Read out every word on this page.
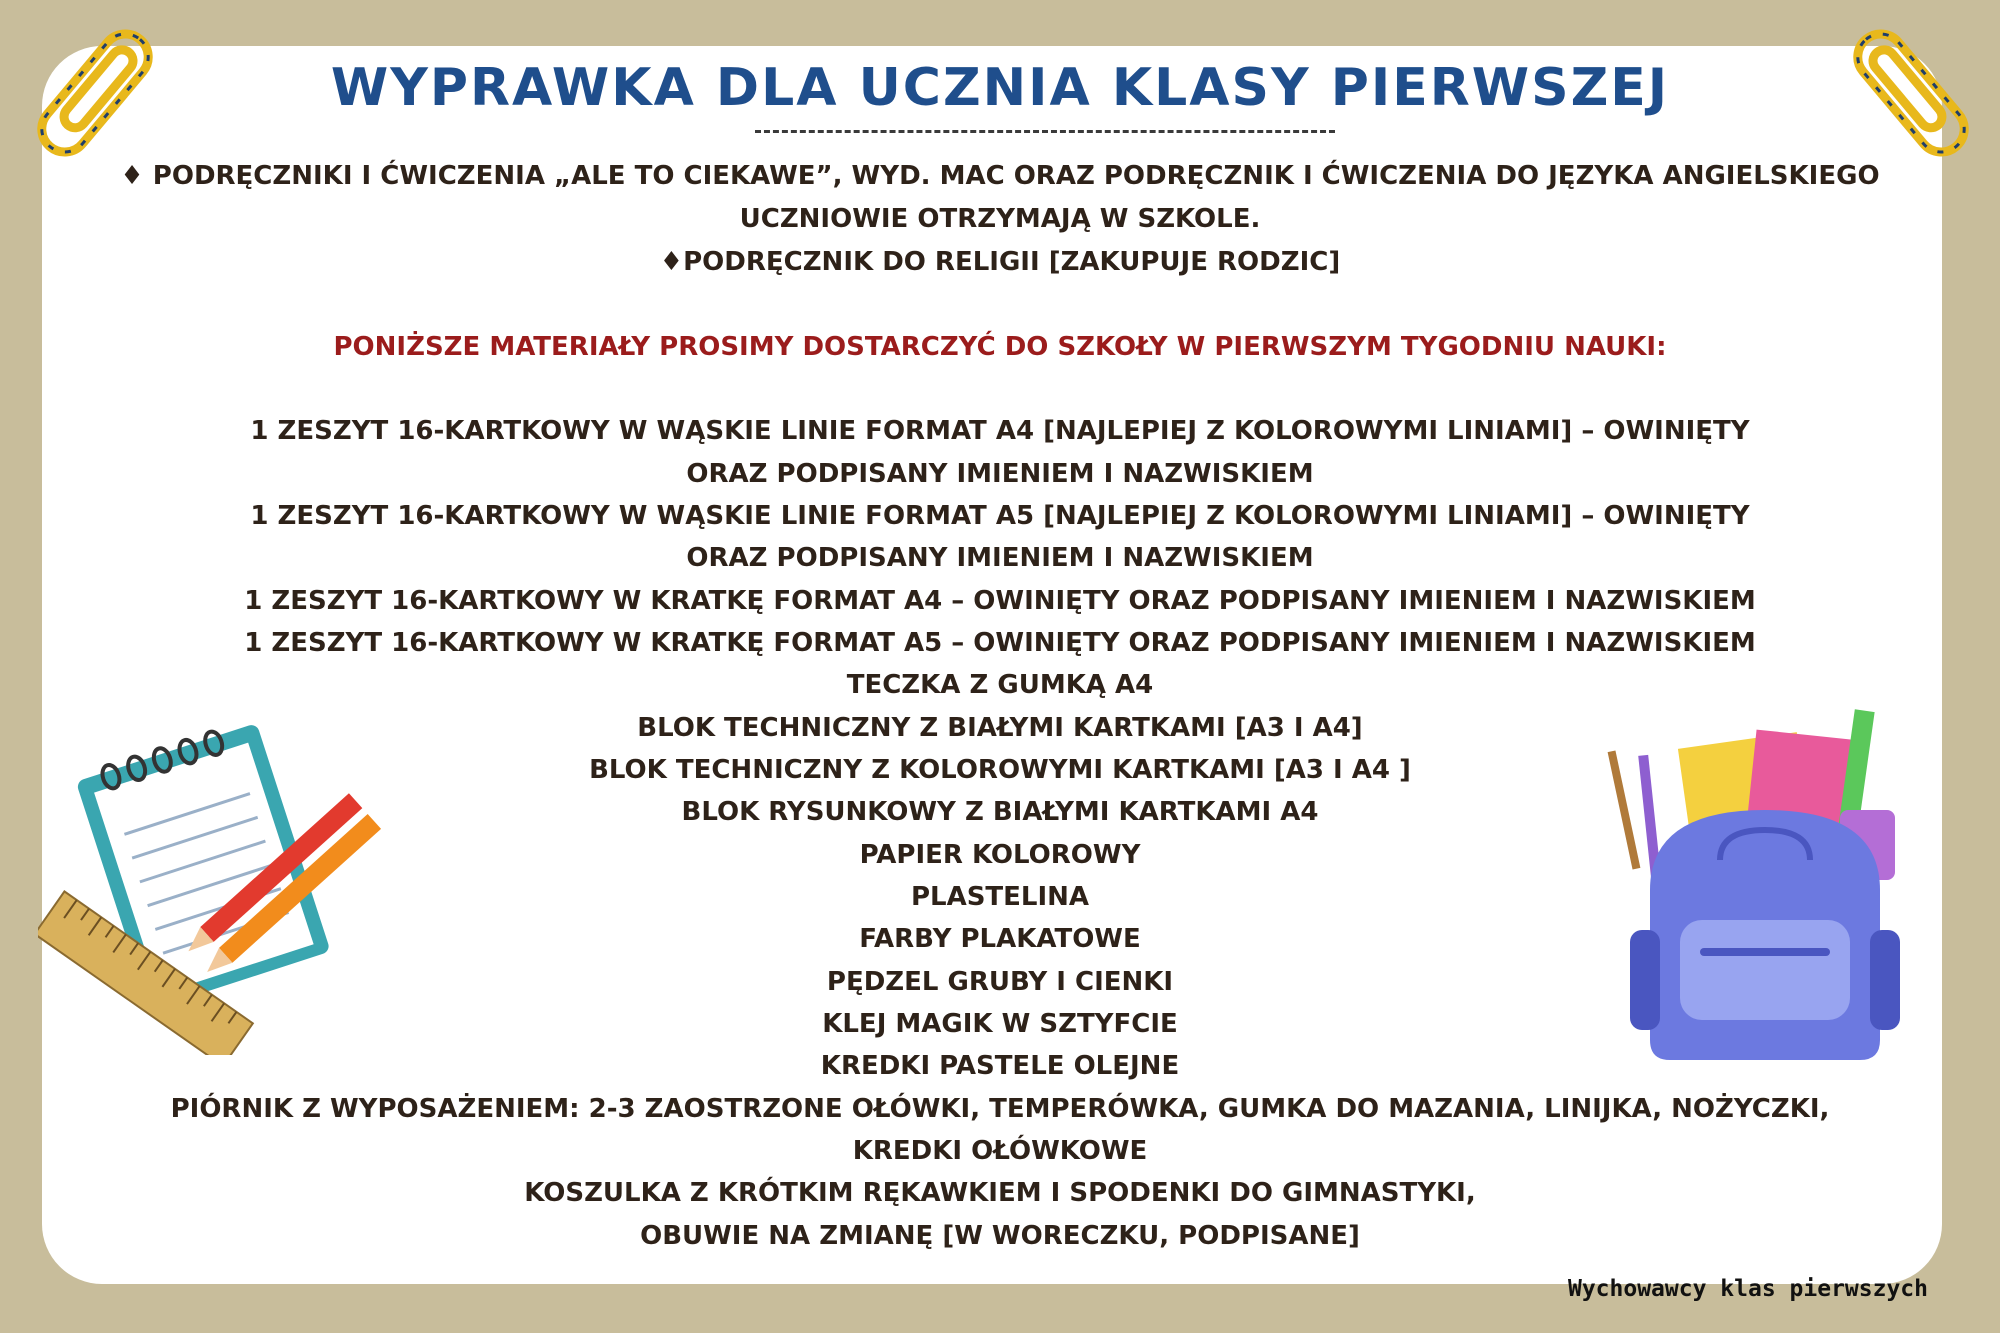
WYPRAWKA DLA UCZNIA KLASY PIERWSZEJ
♦ PODRĘCZNIKI I ĆWICZENIA „ALE TO CIEKAWE”, WYD. MAC ORAZ PODRĘCZNIK I ĆWICZENIA DO JĘZYKA ANGIELSKIEGO
UCZNIOWIE OTRZYMAJĄ W SZKOLE.
♦PODRĘCZNIK DO RELIGII [ZAKUPUJE RODZIC]
PONIŻSZE MATERIAŁY PROSIMY DOSTARCZYĆ DO SZKOŁY W PIERWSZYM TYGODNIU NAUKI:
1 ZESZYT 16-KARTKOWY W WĄSKIE LINIE FORMAT A4 [NAJLEPIEJ Z KOLOROWYMI LINIAMI] – OWINIĘTY
ORAZ PODPISANY IMIENIEM I NAZWISKIEM
1 ZESZYT 16-KARTKOWY W WĄSKIE LINIE FORMAT A5 [NAJLEPIEJ Z KOLOROWYMI LINIAMI] – OWINIĘTY
ORAZ PODPISANY IMIENIEM I NAZWISKIEM
1 ZESZYT 16-KARTKOWY W KRATKĘ FORMAT A4 – OWINIĘTY ORAZ PODPISANY IMIENIEM I NAZWISKIEM
1 ZESZYT 16-KARTKOWY W KRATKĘ FORMAT A5 – OWINIĘTY ORAZ PODPISANY IMIENIEM I NAZWISKIEM
TECZKA Z GUMKĄ A4
BLOK TECHNICZNY Z BIAŁYMI KARTKAMI [A3 I A4]
BLOK TECHNICZNY Z KOLOROWYMI KARTKAMI [A3 I A4 ]
BLOK RYSUNKOWY Z BIAŁYMI KARTKAMI A4
PAPIER KOLOROWY
PLASTELINA
FARBY PLAKATOWE
PĘDZEL GRUBY I CIENKI
KLEJ MAGIK W SZTYFCIE
KREDKI PASTELE OLEJNE
PIÓRNIK Z WYPOSAŻENIEM: 2-3 ZAOSTRZONE OŁÓWKI, TEMPERÓWKA, GUMKA DO MAZANIA, LINIJKA, NOŻYCZKI,
KREDKI OŁÓWKOWE
KOSZULKA Z KRÓTKIM RĘKAWKIEM I SPODENKI DO GIMNASTYKI,
OBUWIE NA ZMIANĘ [W WORECZKU, PODPISANE]
Wychowawcy klas pierwszych
